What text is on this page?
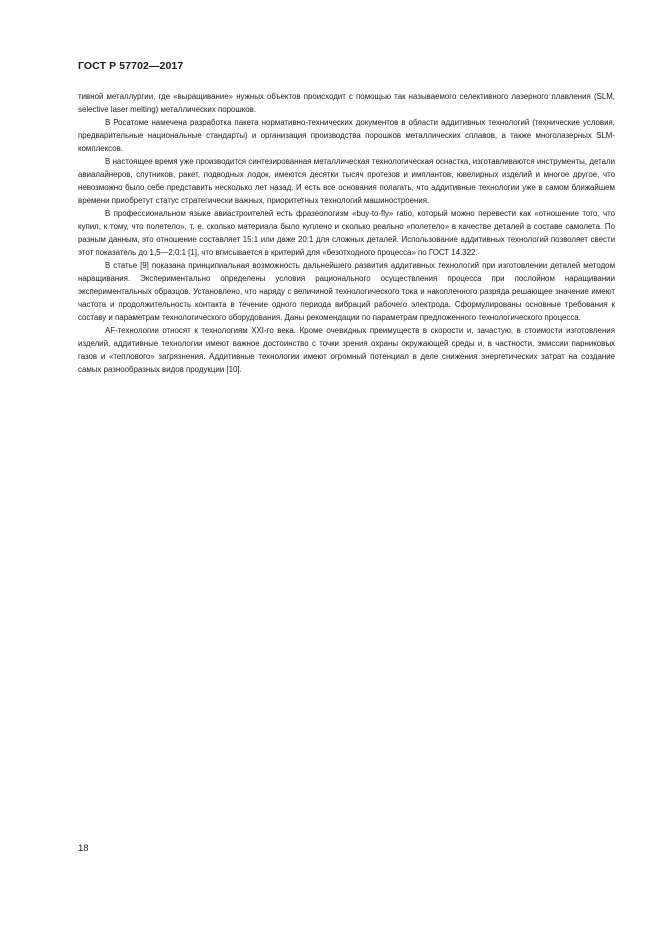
ГОСТ Р 57702—2017

тивной металлургии, где «выращивание» нужных объектов происходит с помощью так называемого селективного лазерного плавления (SLM, selective laser melting) металлических порошков.

В Росатоме намечена разработка пакета нормативно-технических документов в области аддитивных технологий (технические условия, предварительные национальные стандарты) и организация производства порошков металлических сплавов, а также многолазерных SLM-комплексов.

В настоящее время уже производится синтезированная металлическая технологическая оснастка, изготавливаются инструменты, детали авиалайнеров, спутников, ракет, подводных лодок, имеются десятки тысяч протезов и имплантов, ювелирных изделий и многое другое, что невозможно было себе представить несколько лет назад. И есть все основания полагать, что аддитивные технологии уже в самом ближайшем времени приобретут статус стратегически важных, приоритетных технологий машиностроения.

В профессиональном языке авиастроителей есть фразеологизм «buy-to-fly» ratio, который можно перевести как «отношение того, что купил, к тому, что полетело», т. е. сколько материала было куплено и сколько реально «полетело» в качестве деталей в составе самолета. По разным данным, это отношение составляет 15:1 или даже 20:1 для сложных деталей. Использование аддитивных технологий позволяет свести этот показатель до 1,5—2,0:1 [1], что вписывается в критерий для «безотходного процесса» по ГОСТ 14.322.

В статье [9] показана принципиальная возможность дальнейшего развития аддитивных технологий при изготовлении деталей методом наращивания. Экспериментально определены условия рационального осуществления процесса при послойном наращивании экспериментальных образцов. Установлено, что наряду с величиной технологического тока и накопленного разряда решающее значение имеют частота и продолжительность контакта в течение одного периода вибраций рабочего электрода. Сформулированы основные требования к составу и параметрам технологического оборудования. Даны рекомендации по параметрам предложенного технологического процесса.

AF-технологии относят к технологиям XXI-го века. Кроме очевидных преимуществ в скорости и, зачастую, в стоимости изготовления изделий, аддитивные технологии имеют важное достоинство с точки зрения охраны окружающей среды и, в частности, эмиссии парниковых газов и «теплового» загрязнения. Аддитивные технологии имеют огромный потенциал в деле снижения энергетических затрат на создание самых разнообразных видов продукции [10].

18
